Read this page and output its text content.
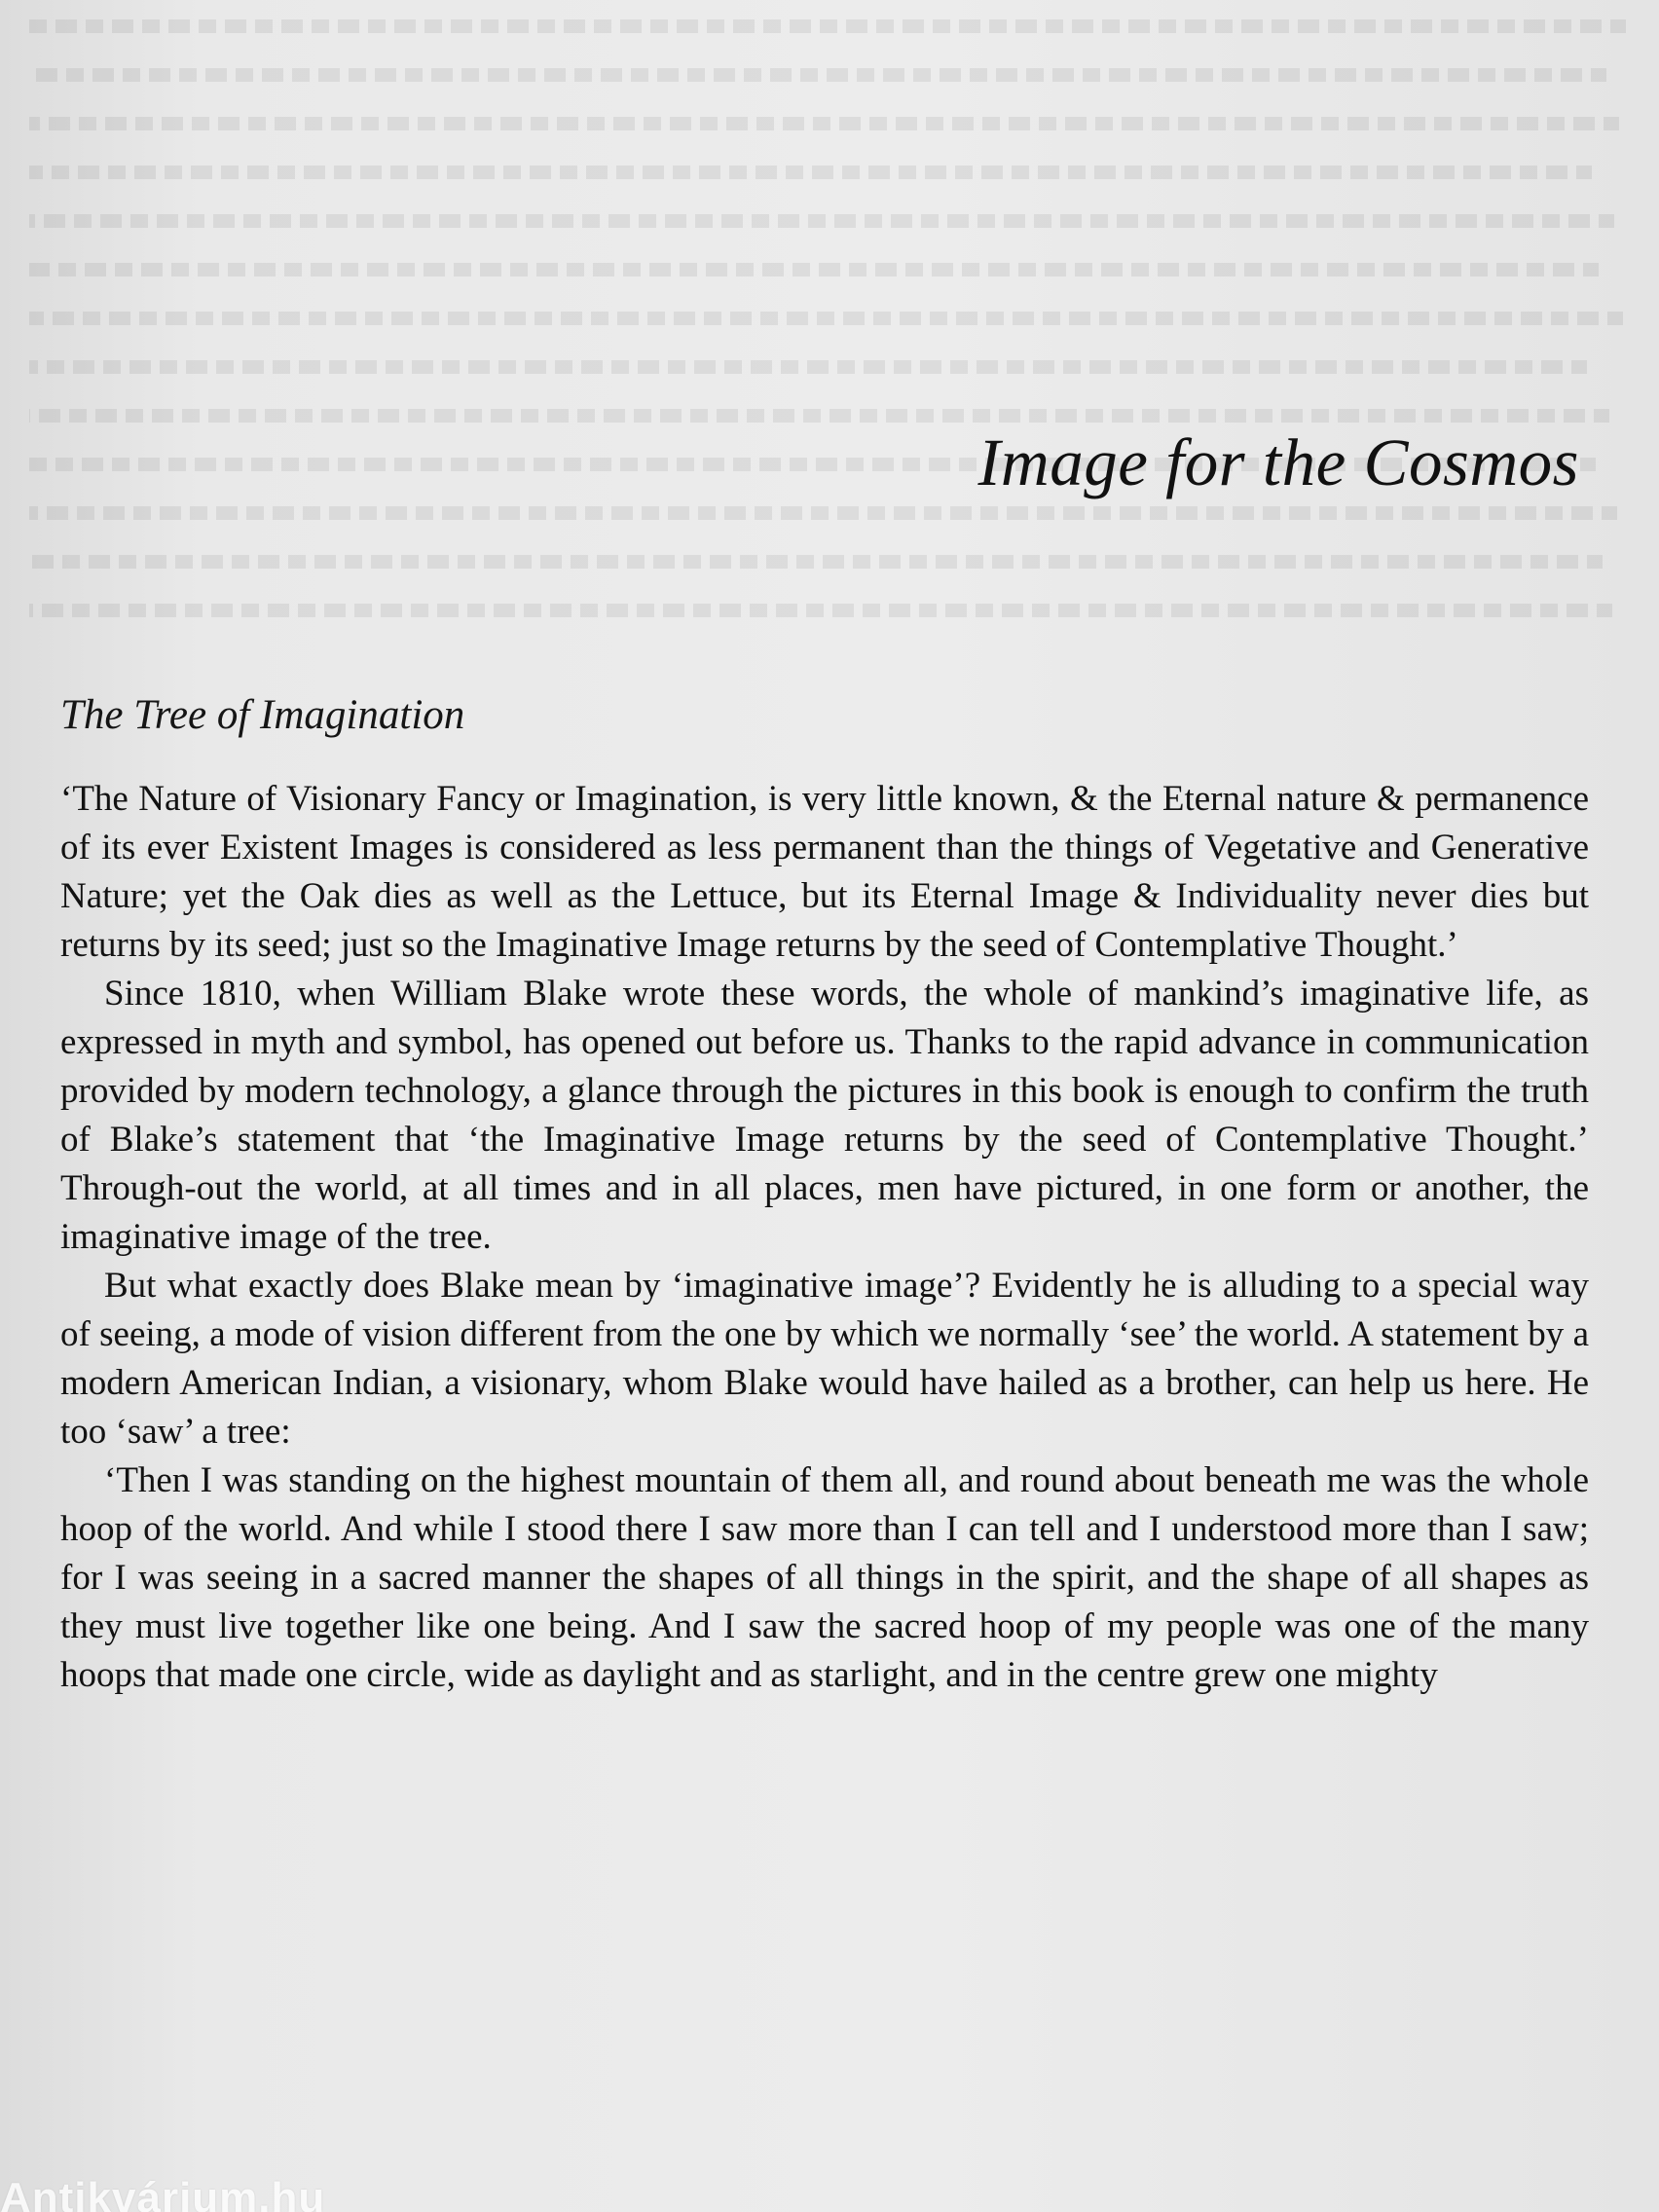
Image for the Cosmos
The Tree of Imagination

‘The Nature of Visionary Fancy or Imagination, is very little known, & the Eternal nature & permanence of its ever Existent Images is considered as less permanent than the things of Vegetative and Generative Nature; yet the Oak dies as well as the Lettuce, but its Eternal Image & Individuality never dies but returns by its seed; just so the Imaginative Image returns by the seed of Contemplative Thought.’

Since 1810, when William Blake wrote these words, the whole of mankind’s imaginative life, as expressed in myth and symbol, has opened out before us. Thanks to the rapid advance in communication provided by modern technology, a glance through the pictures in this book is enough to confirm the truth of Blake’s statement that ‘the Imaginative Image returns by the seed of Contemplative Thought.’ Through-out the world, at all times and in all places, men have pictured, in one form or another, the imaginative image of the tree.

But what exactly does Blake mean by ‘imaginative image’? Evidently he is alluding to a special way of seeing, a mode of vision different from the one by which we normally ‘see’ the world. A statement by a modern American Indian, a visionary, whom Blake would have hailed as a brother, can help us here. He too ‘saw’ a tree:

‘Then I was standing on the highest mountain of them all, and round about beneath me was the whole hoop of the world. And while I stood there I saw more than I can tell and I understood more than I saw; for I was seeing in a sacred manner the shapes of all things in the spirit, and the shape of all shapes as they must live together like one being. And I saw the sacred hoop of my people was one of the many hoops that made one circle, wide as daylight and as starlight, and in the centre grew one mighty

Antikvárium.hu
